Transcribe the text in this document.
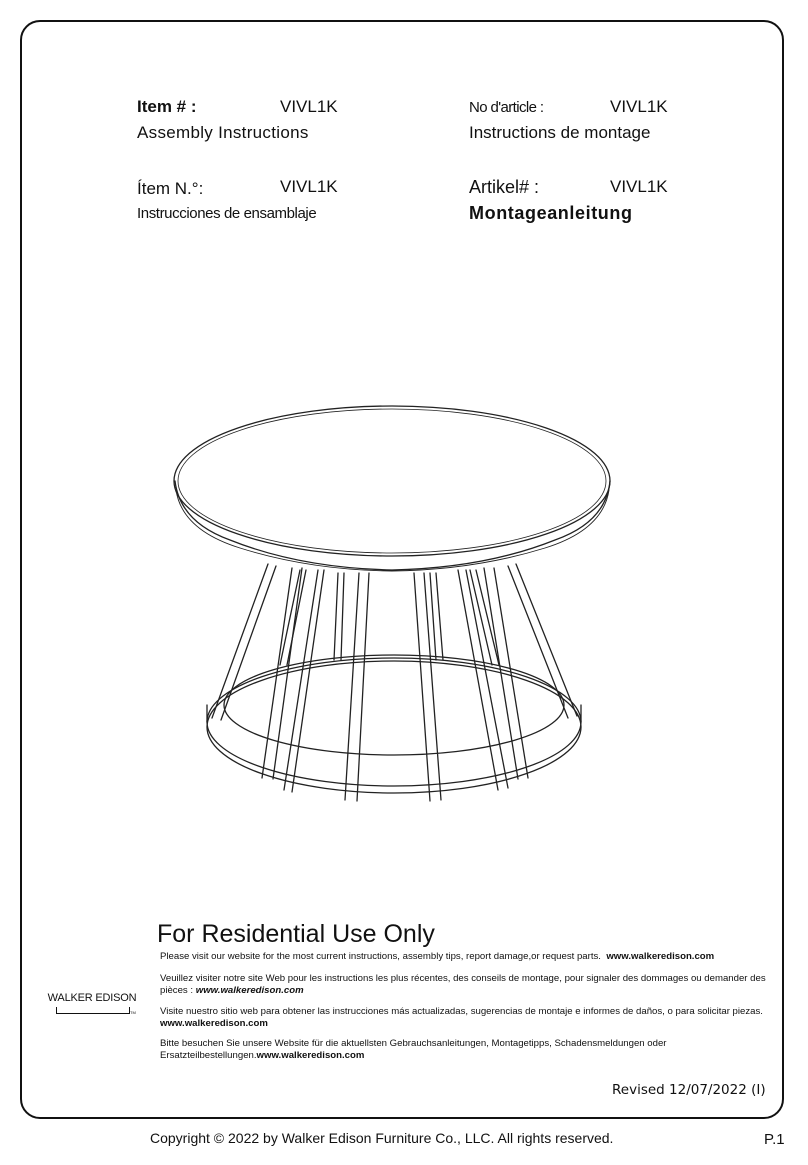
Item # :	VIVL1K
Assembly Instructions
No d'article :	VIVL1K
Instructions de montage
Ítem N.°:	VIVL1K
Instrucciones de ensamblaje
Artikel# :	VIVL1K
Montageanleitung
For Residential Use Only
Please visit our website for the most current instructions, assembly tips, report damage,or request parts. www.walkeredison.com
Veuillez visiter notre site Web pour les instructions les plus récentes, des conseils de montage, pour signaler des dommages ou demander des pièces : www.walkeredison.com
Visite nuestro sitio web para obtener las instrucciones más actualizadas, sugerencias de montaje e informes de daños, o para solicitar piezas. www.walkeredison.com
Bitte besuchen Sie unsere Website für die aktuellsten Gebrauchsanleitungen, Montagetipps, Schadensmeldungen oder Ersatzteilbestellungen.www.walkeredison.com
WALKER EDISON
TM
Revised 12/07/2022 (I)
Copyright © 2022 by Walker Edison Furniture Co., LLC. All rights reserved.	P.1
